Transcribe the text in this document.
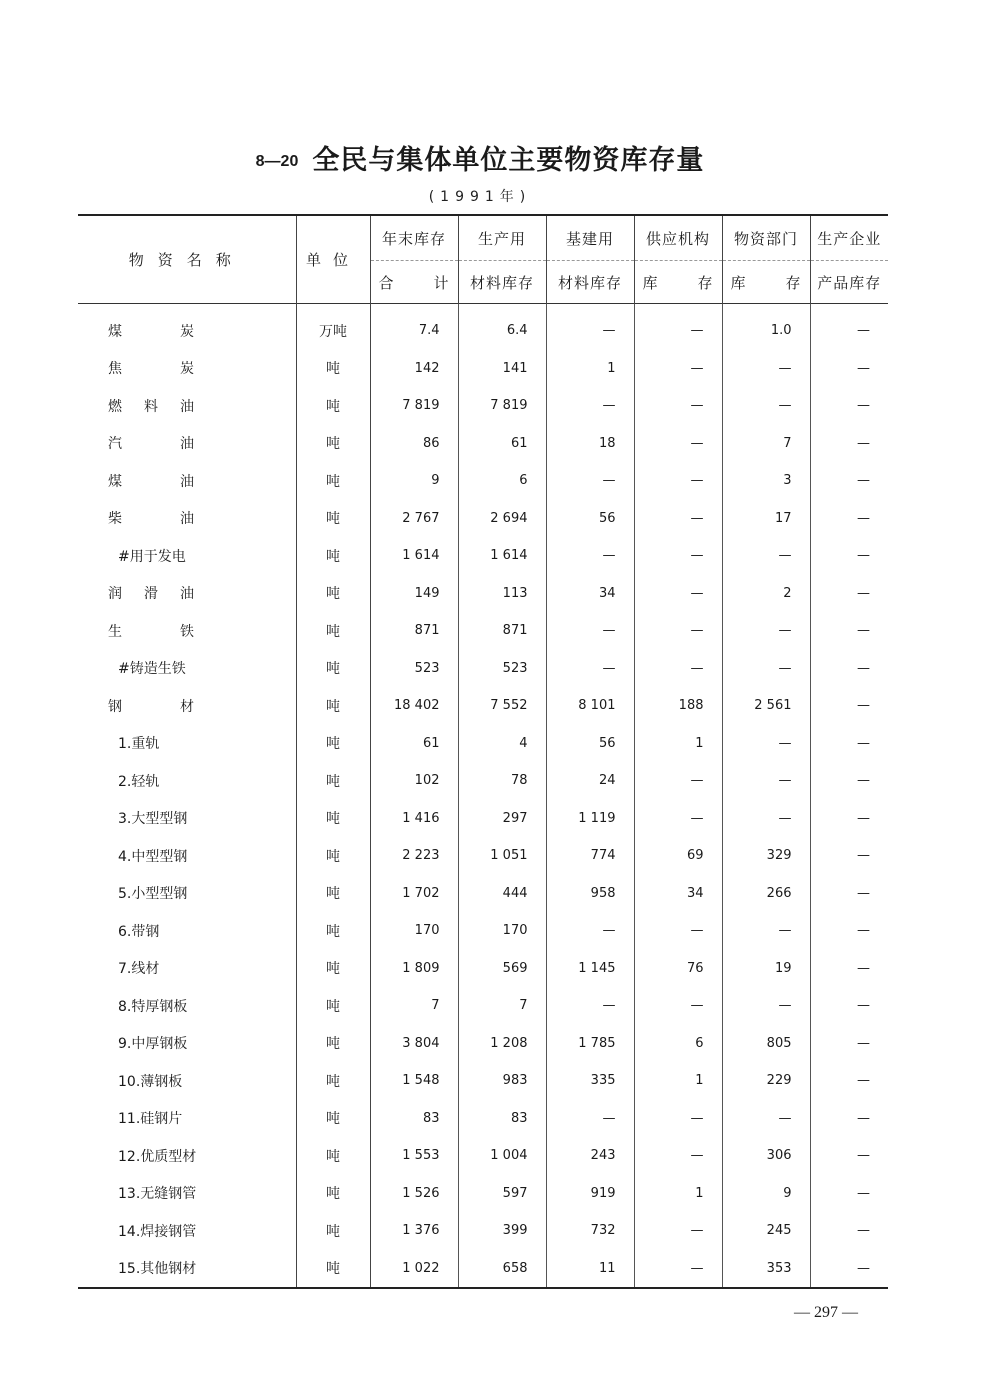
8—20 全民与集体单位主要物资库存量
(1991年)
物资名称	单位	年末库存	生产用	基建用	供应机构	物资部门	生产企业
		合计	材料库存	材料库存	库存	库存	产品库存
煤炭	万吨	7.4	6.4	—	—	1.0	—
焦炭	吨	142	141	1	—	—	—
燃料油	吨	7 819	7 819	—	—	—	—
汽油	吨	86	61	18	—	7	—
煤油	吨	9	6	—	—	3	—
柴油	吨	2 767	2 694	56	—	17	—
#用于发电	吨	1 614	1 614	—	—	—	—
润滑油	吨	149	113	34	—	2	—
生铁	吨	871	871	—	—	—	—
#铸造生铁	吨	523	523	—	—	—	—
钢材	吨	18 402	7 552	8 101	188	2 561	—
1.重轨	吨	61	4	56	1	—	—
2.轻轨	吨	102	78	24	—	—	—
3.大型型钢	吨	1 416	297	1 119	—	—	—
4.中型型钢	吨	2 223	1 051	774	69	329	—
5.小型型钢	吨	1 702	444	958	34	266	—
6.带钢	吨	170	170	—	—	—	—
7.线材	吨	1 809	569	1 145	76	19	—
8.特厚钢板	吨	7	7	—	—	—	—
9.中厚钢板	吨	3 804	1 208	1 785	6	805	—
10.薄钢板	吨	1 548	983	335	1	229	—
11.硅钢片	吨	83	83	—	—	—	—
12.优质型材	吨	1 553	1 004	243	—	306	—
13.无缝钢管	吨	1 526	597	919	1	9	—
14.焊接钢管	吨	1 376	399	732	—	245	—
15.其他钢材	吨	1 022	658	11	—	353	—
— 297 —
